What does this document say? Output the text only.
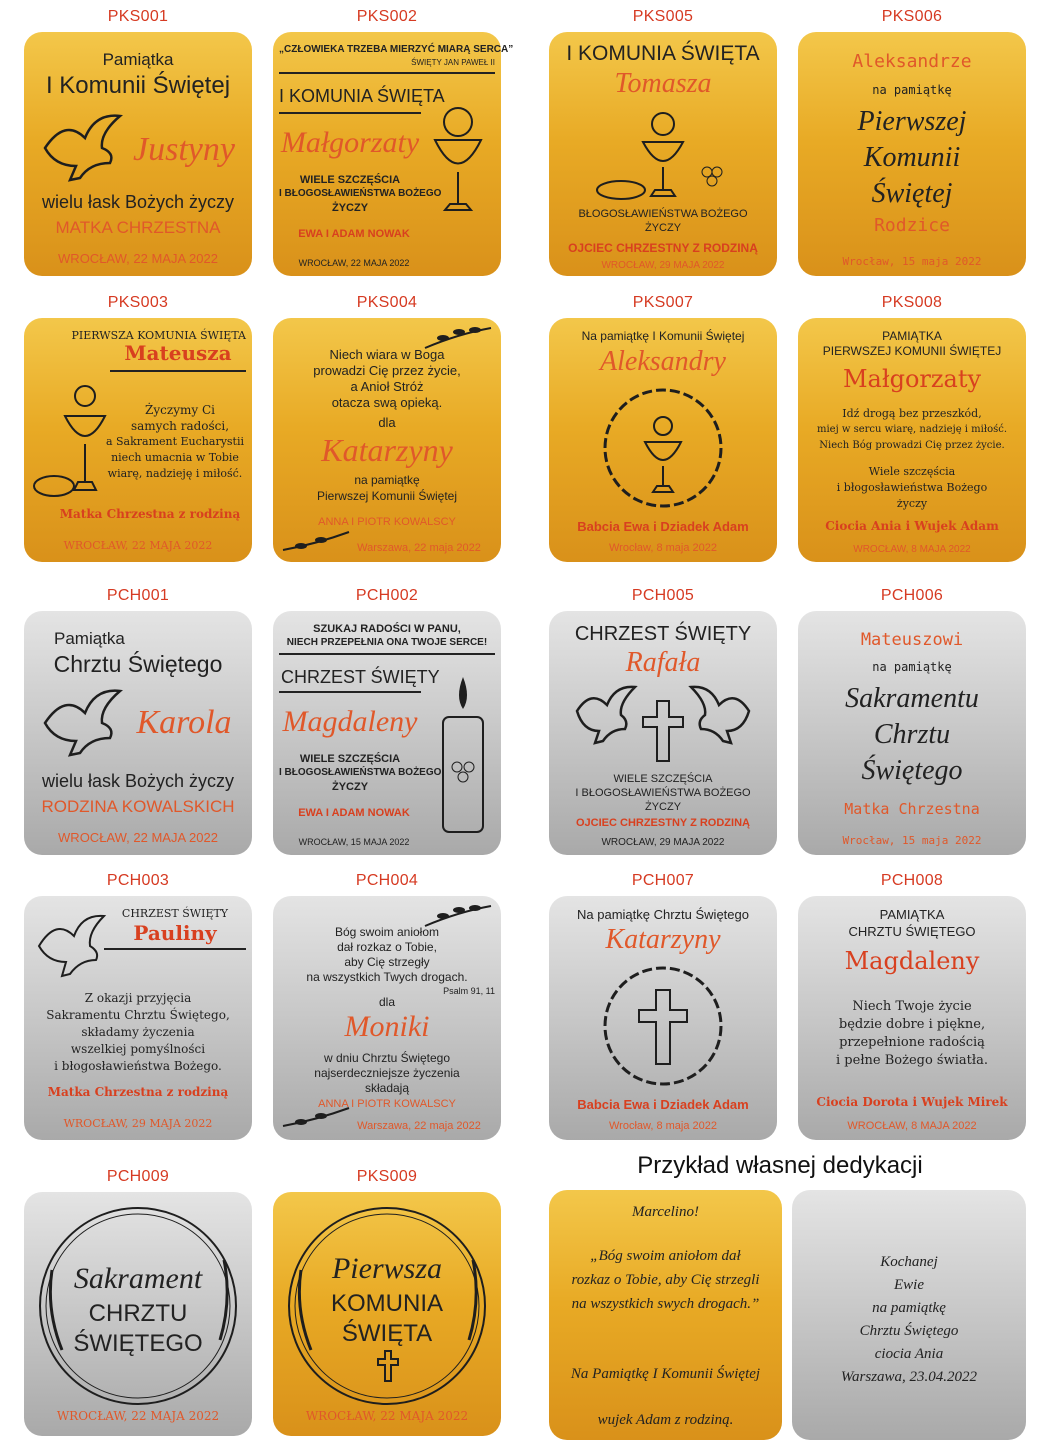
PKS001
Pamiątka
I Komunii Świętej
Justyny
wielu łask Bożych życzy
MATKA CHRZESTNA
WROCŁAW, 22 MAJA 2022
PKS002
„CZŁOWIEKA TRZEBA MIERZYĆ MIARĄ SERCA”
ŚWIĘTY JAN PAWEŁ II
I KOMUNIA ŚWIĘTA
Małgorzaty
WIELE SZCZĘŚCIA
I BŁOGOSŁAWIEŃSTWA BOŻEGO
ŻYCZY
EWA I ADAM NOWAK
WROCŁAW, 22 MAJA 2022
PKS005
I KOMUNIA ŚWIĘTA
Tomasza
BŁOGOSŁAWIEŃSTWA BOŻEGO
ŻYCZY
OJCIEC CHRZESTNY Z RODZINĄ
WROCŁAW, 29 MAJA 2022
PKS006
Aleksandrze
na pamiątkę
Pierwszej
Komunii
Świętej
Rodzice
Wrocław, 15 maja 2022
PKS003
PIERWSZA KOMUNIA ŚWIĘTA
Mateusza
Życzymy Ci
samych radości,
a Sakrament Eucharystii
niech umacnia w Tobie
wiarę, nadzieję i miłość.
Matka Chrzestna z rodziną
WROCŁAW, 22 MAJA 2022
PKS004
Niech wiara w Boga
prowadzi Cię przez życie,
a Anioł Stróż
otacza swą opieką.
dla
Katarzyny
na pamiątkę
Pierwszej Komunii Świętej
ANNA I PIOTR KOWALSCY
Warszawa, 22 maja 2022
PKS007
Na pamiątkę I Komunii Świętej
Aleksandry
Babcia Ewa i Dziadek Adam
Wrocław, 8 maja 2022
PKS008
PAMIĄTKA
PIERWSZEJ KOMUNII ŚWIĘTEJ
Małgorzaty
Idź drogą bez przeszkód,
miej w sercu wiarę, nadzieję i miłość.
Niech Bóg prowadzi Cię przez życie.
Wiele szczęścia
i błogosławieństwa Bożego
życzy
Ciocia Ania i Wujek Adam
WROCŁAW, 8 MAJA 2022
PCH001
Pamiątka
Chrztu Świętego
Karola
wielu łask Bożych życzy
RODZINA KOWALSKICH
WROCŁAW, 22 MAJA 2022
PCH002
SZUKAJ RADOŚCI W PANU,
NIECH PRZEPEŁNIA ONA TWOJE SERCE!
CHRZEST ŚWIĘTY
Magdaleny
WIELE SZCZĘŚCIA
I BŁOGOSŁAWIEŃSTWA BOŻEGO
ŻYCZY
EWA I ADAM NOWAK
WROCŁAW, 15 MAJA 2022
PCH005
CHRZEST ŚWIĘTY
Rafała
WIELE SZCZĘŚCIA
I BŁOGOSŁAWIEŃSTWA BOŻEGO
ŻYCZY
OJCIEC CHRZESTNY Z RODZINĄ
WROCŁAW, 29 MAJA 2022
PCH006
Mateuszowi
na pamiątkę
Sakramentu
Chrztu
Świętego
Matka Chrzestna
Wrocław, 15 maja 2022
PCH003
CHRZEST ŚWIĘTY
Pauliny
Z okazji przyjęcia
Sakramentu Chrztu Świętego,
składamy życzenia
wszelkiej pomyślności
i błogosławieństwa Bożego.
Matka Chrzestna z rodziną
WROCŁAW, 29 MAJA 2022
PCH004
Bóg swoim aniołom
dał rozkaz o Tobie,
aby Cię strzegły
na wszystkich Twych drogach.
Psalm 91, 11
dla
Moniki
w dniu Chrztu Świętego
najserdeczniejsze życzenia
składają
ANNA I PIOTR KOWALSCY
Warszawa, 22 maja 2022
PCH007
Na pamiątkę Chrztu Świętego
Katarzyny
Babcia Ewa i Dziadek Adam
Wrocław, 8 maja 2022
PCH008
PAMIĄTKA
CHRZTU ŚWIĘTEGO
Magdaleny
Niech Twoje życie
będzie dobre i piękne,
przepełnione radością
i pełne Bożego światła.
Ciocia Dorota i Wujek Mirek
WROCŁAW, 8 MAJA 2022
PCH009
Sakrament
CHRZTU
ŚWIĘTEGO
WROCŁAW, 22 MAJA 2022
PKS009
Pierwsza
KOMUNIA
ŚWIĘTA
WROCŁAW, 22 MAJA 2022
Przykład własnej dedykacji
Marcelino!
„Bóg swoim aniołom dał
rozkaz o Tobie, aby Cię strzegli
na wszystkich swych drogach.”
Na Pamiątkę I Komunii Świętej
wujek Adam z rodziną.
Kochanej
Ewie
na pamiątkę
Chrztu Świętego
ciocia Ania
Warszawa, 23.04.2022
